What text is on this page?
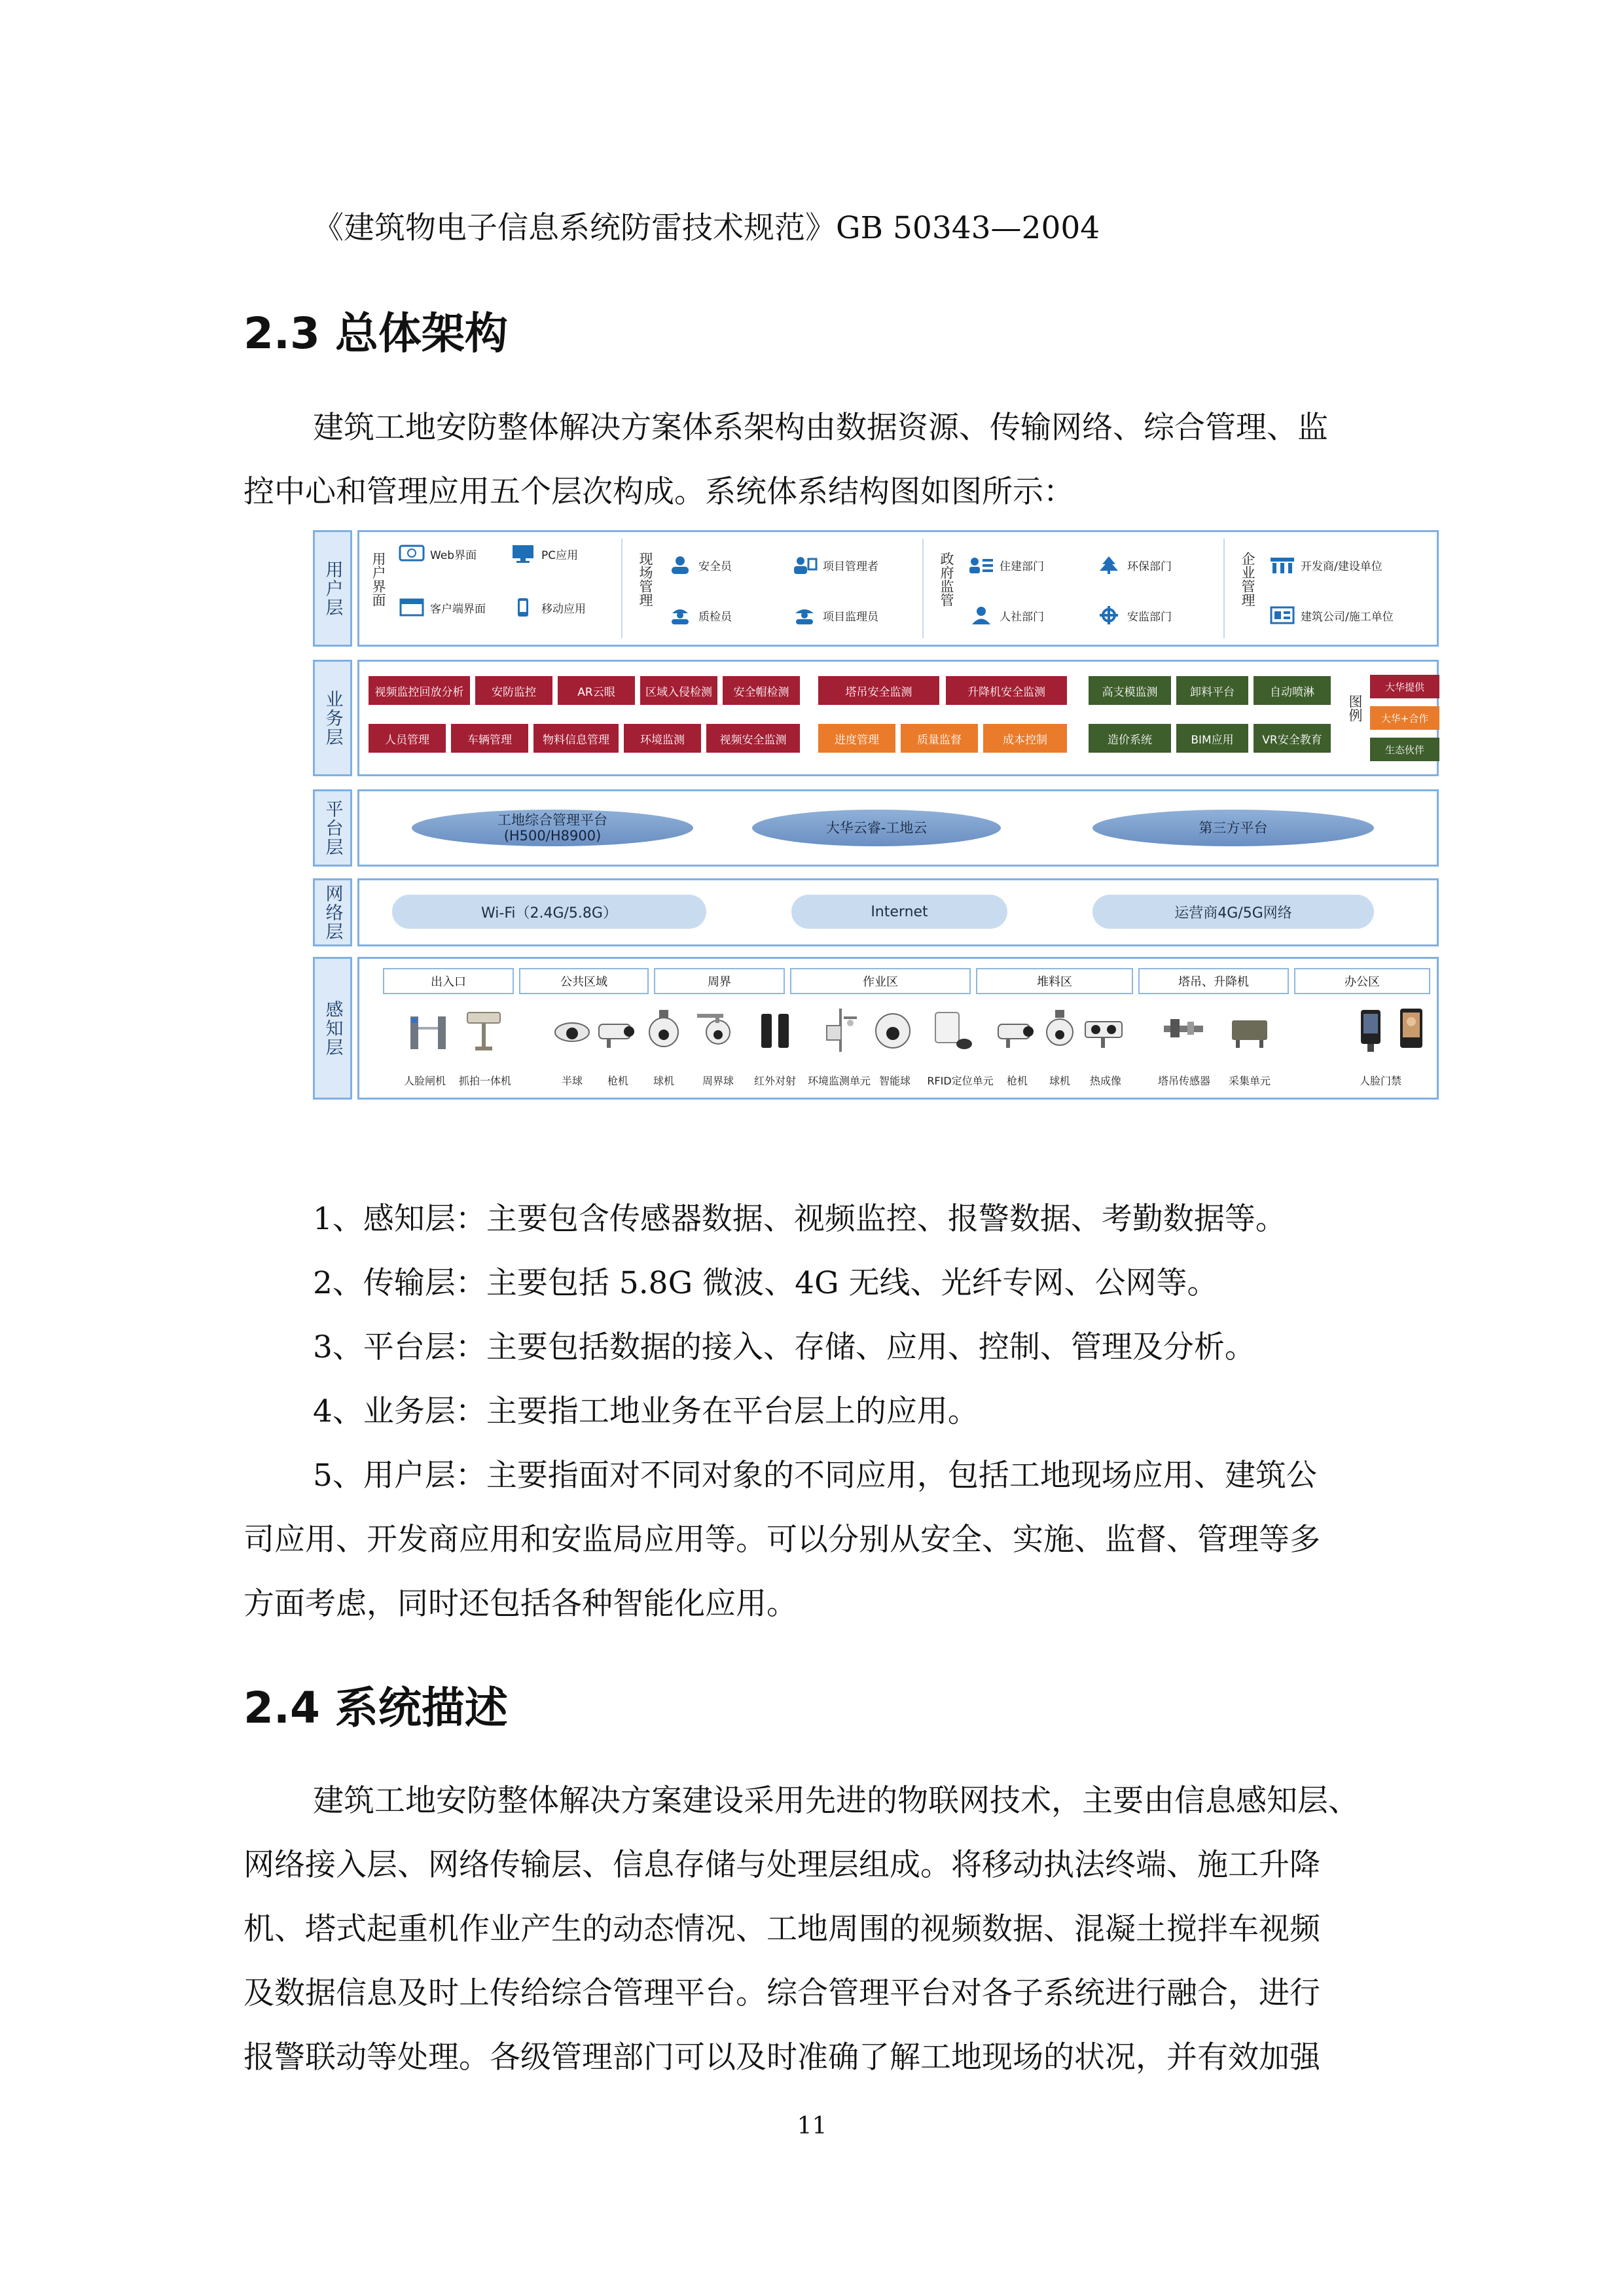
《建筑物电子信息系统防雷技术规范》GB 50343—2004

2.3 总体架构

建筑工地安防整体解决方案体系架构由数据资源、传输网络、综合管理、监

控中心和管理应用五个层次构成。系统体系结构图如图所示：

用户层	用户界面	Web界面	PC应用
客户端界面	移动应用
现场管理	安全员	项目管理者
质检员	项目监理员
政府监管	住建部门	环保部门
人社部门	安监部门
企业管理	开发商/建设单位
建筑公司/施工单位
业务层	视频监控回放分析	安防监控	AR云眼	区域入侵检测	安全帽检测	塔吊安全监测	升降机安全监测	高支模监测	卸料平台	自动喷淋
人员管理	车辆管理	物料信息管理	环境监测	视频安全监测	进度管理	质量监督	成本控制	造价系统	BIM应用	VR安全教育
图例
大华提供
大华+合作
生态伙伴
平台层	工地综合管理平台
(H500/H8900)	大华云睿-工地云	第三方平台
网络层	Wi-Fi（2.4G/5.8G）	Internet	运营商4G/5G网络
感知层
出入口	公共区域	周界	作业区	堆料区	塔吊、升降机	办公区
人脸闸机 抓拍一体机	半球 枪机 球机	周界球 红外对射 环境监测单元 智能球 RFID定位单元 枪机 球机 热成像	塔吊传感器 采集单元	人脸门禁

1、感知层：主要包含传感器数据、视频监控、报警数据、考勤数据等。

2、传输层：主要包括 5.8G 微波、4G 无线、光纤专网、公网等。

3、平台层：主要包括数据的接入、存储、应用、控制、管理及分析。

4、业务层：主要指工地业务在平台层上的应用。

5、用户层：主要指面对不同对象的不同应用，包括工地现场应用、建筑公

司应用、开发商应用和安监局应用等。可以分别从安全、实施、监督、管理等多

方面考虑，同时还包括各种智能化应用。

2.4 系统描述

建筑工地安防整体解决方案建设采用先进的物联网技术，主要由信息感知层、

网络接入层、网络传输层、信息存储与处理层组成。将移动执法终端、施工升降

机、塔式起重机作业产生的动态情况、工地周围的视频数据、混凝土搅拌车视频

及数据信息及时上传给综合管理平台。综合管理平台对各子系统进行融合，进行

报警联动等处理。各级管理部门可以及时准确了解工地现场的状况，并有效加强

11
